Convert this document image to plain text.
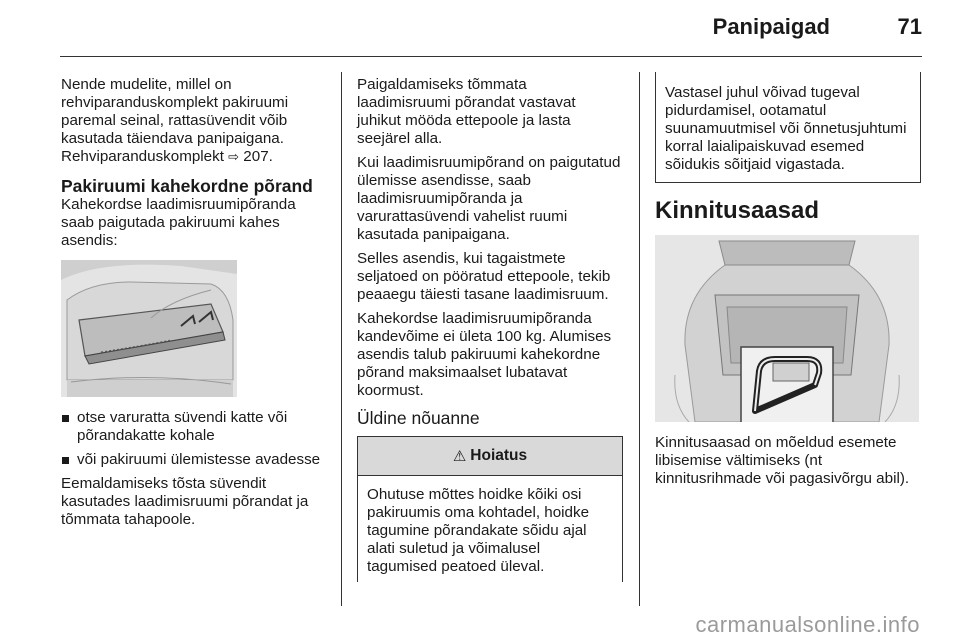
Panipaigad	71

Nende mudelite, millel on rehviparanduskomplekt pakiruumi paremal seinal, rattasüvendit võib kasutada täiendava panipaigana. Rehviparanduskomplekt ⇨ 207.

Pakiruumi kahekordne põrand

Kahekordse laadimisruumipõranda saab paigutada pakiruumi kahes asendis:

otse varuratta süvendi katte või põrandakatte kohale
või pakiruumi ülemistesse avadesse

Eemaldamiseks tõsta süvendit kasutades laadimisruumi põrandat ja tõmmata tahapoole.

Paigaldamiseks tõmmata laadimisruumi põrandat vastavat juhikut mööda ettepoole ja lasta seejärel alla.

Kui laadimisruumipõrand on paigutatud ülemisse asendisse, saab laadimisruumipõranda ja varurattasüvendi vahelist ruumi kasutada panipaigana.

Selles asendis, kui tagaistmete seljatoed on pööratud ettepoole, tekib peaaegu täiesti tasane laadimisruum.

Kahekordse laadimisruumipõranda kandevõime ei ületa 100 kg. Alumises asendis talub pakiruumi kahekordne põrand maksimaalset lubatavat koormust.

Üldine nõuanne
⚠ Hoiatus

Ohutuse mõttes hoidke kõiki osi pakiruumis oma kohtadel, hoidke tagumine põrandakate sõidu ajal alati suletud ja võimalusel tagumised peatoed üleval.

Vastasel juhul võivad tugeval pidurdamisel, ootamatul suunamuutmisel või õnnetusjuhtumi korral laialipaiskuvad esemed sõidukis sõitjaid vigastada.

Kinnitusaasad

Kinnitusaasad on mõeldud esemete libisemise vältimiseks (nt kinnitusrihmade või pagasivõrgu abil).

carmanualsonline.info
